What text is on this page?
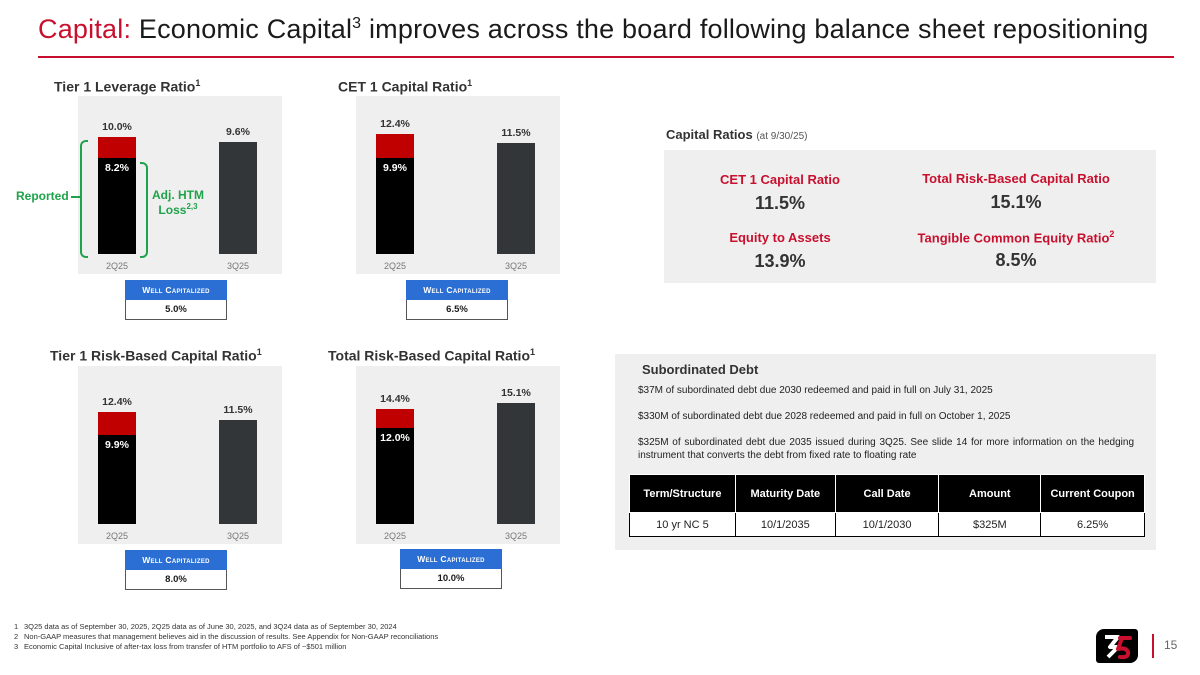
Capital: Economic Capital$^3$ improves across the board following balance sheet repositioning
Tier 1 Leverage Ratio$^1$	CET 1 Capital Ratio$^1$
Tier 1 Risk-Based Capital Ratio$^1$	Total Risk-Based Capital Ratio$^1$
10.0%
8.2%
2Q25
9.6%
3Q25
12.4%
9.9%
2Q25
11.5%
3Q25
12.4%
9.9%
2Q25
11.5%
3Q25
14.4%
12.0%
2Q25
15.1%
3Q25
Reported	Adj. HTM
Loss$^{2,3}$
Well Capitalized
5.0%
Well Capitalized
6.5%
Well Capitalized
8.0%
Well Capitalized
10.0%
Capital Ratios (at 9/30/25)
CET 1 Capital Ratio
11.5%
Total Risk-Based Capital Ratio
15.1%
Equity to Assets
13.9%
Tangible Common Equity Ratio$^2$
8.5%
Subordinated Debt
$37M of subordinated debt due 2030 redeemed and paid in full on July 31, 2025
$330M of subordinated debt due 2028 redeemed and paid in full on October 1, 2025
$325M of subordinated debt due 2035 issued during 3Q25. See slide 14 for more information on the hedging instrument that converts the debt from fixed rate to floating rate
Term/Structure	Maturity Date	Call Date	Amount	Current Coupon
10 yr NC 5	10/1/2035	10/1/2030	$325M	6.25%
1 3Q25 data as of September 30, 2025, 2Q25 data as of June 30, 2025, and 3Q24 data as of September 30, 2024
2 Non-GAAP measures that management believes aid in the discussion of results. See Appendix for Non-GAAP reconciliations
3 Economic Capital Inclusive of after-tax loss from transfer of HTM portfolio to AFS of ~$501 million	15
